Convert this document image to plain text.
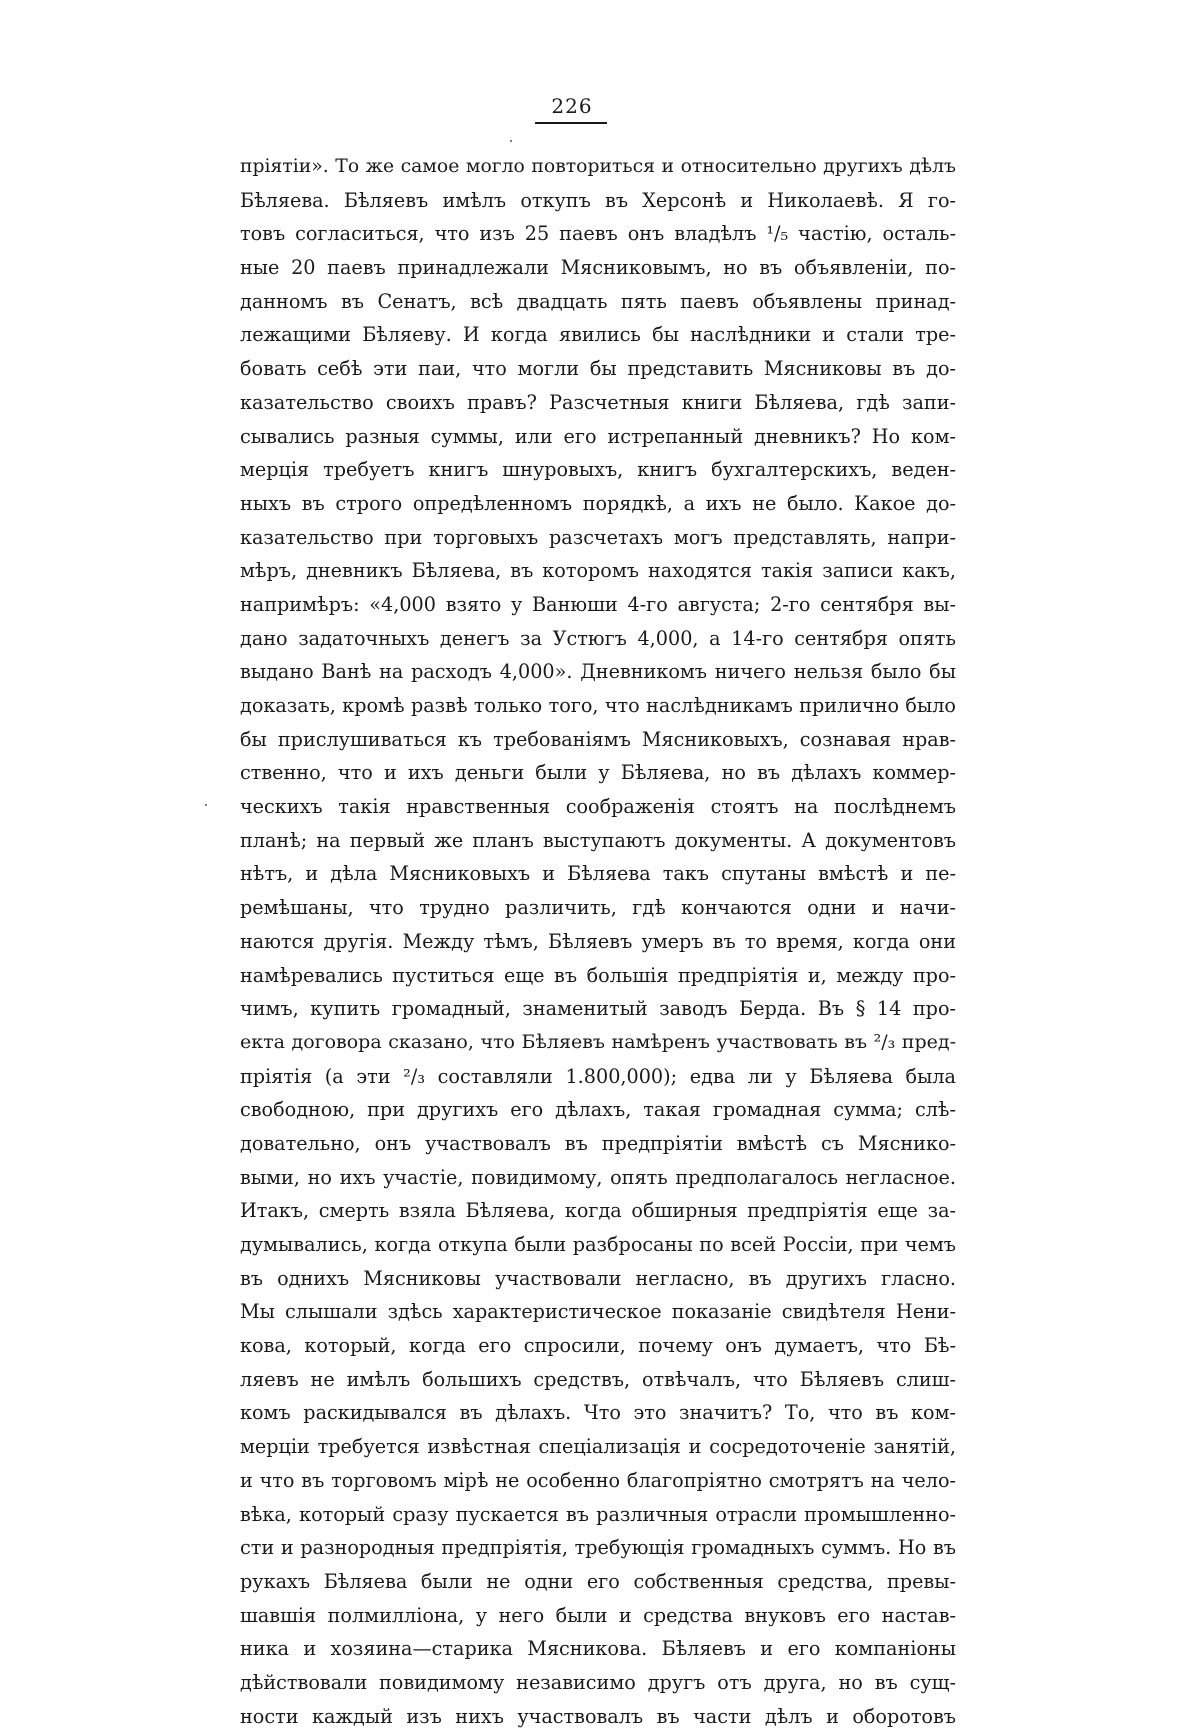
226
пріятіи». То же самое могло повториться и относительно другихъ дѣлъ
Бѣляева. Бѣляевъ имѣлъ откупъ въ Херсонѣ и Николаевѣ. Я го-
товъ согласиться, что изъ 25 паевъ онъ владѣлъ ¹/₅ частію, осталь-
ные 20 паевъ принадлежали Мясниковымъ, но въ объявленіи, по-
данномъ въ Сенатъ, всѣ двадцать пять паевъ объявлены принад-
лежащими Бѣляеву. И когда явились бы наслѣдники и стали тре-
бовать себѣ эти паи, что могли бы представить Мясниковы въ до-
казательство своихъ правъ? Разсчетныя книги Бѣляева, гдѣ запи-
сывались разныя суммы, или его истрепанный дневникъ? Но ком-
мерція требуетъ книгъ шнуровыхъ, книгъ бухгалтерскихъ, веден-
ныхъ въ строго опредѣленномъ порядкѣ, а ихъ не было. Какое до-
казательство при торговыхъ разсчетахъ могъ представлять, напри-
мѣръ, дневникъ Бѣляева, въ которомъ находятся такія записи какъ,
напримѣръ: «4,000 взято у Ванюши 4-го августа; 2-го сентября вы-
дано задаточныхъ денегъ за Устюгъ 4,000, а 14-го сентября опять
выдано Ванѣ на расходъ 4,000». Дневникомъ ничего нельзя было бы
доказать, кромѣ развѣ только того, что наслѣдникамъ прилично было
бы прислушиваться къ требованіямъ Мясниковыхъ, сознавая нрав-
ственно, что и ихъ деньги были у Бѣляева, но въ дѣлахъ коммер-
ческихъ такія нравственныя соображенія стоятъ на послѣднемъ
планѣ; на первый же планъ выступаютъ документы. А документовъ
нѣтъ, и дѣла Мясниковыхъ и Бѣляева такъ спутаны вмѣстѣ и пе-
ремѣшаны, что трудно различить, гдѣ кончаются одни и начи-
наются другія. Между тѣмъ, Бѣляевъ умеръ въ то время, когда они
намѣревались пуститься еще въ большія предпріятія и, между про-
чимъ, купить громадный, знаменитый заводъ Берда. Въ § 14 про-
екта договора сказано, что Бѣляевъ намѣренъ участвовать въ ²/₃ пред-
пріятія (а эти ²/₃ составляли 1.800,000); едва ли у Бѣляева была
свободною, при другихъ его дѣлахъ, такая громадная сумма; слѣ-
довательно, онъ участвовалъ въ предпріятіи вмѣстѣ съ Мяснико-
выми, но ихъ участіе, повидимому, опять предполагалось негласное.
Итакъ, смерть взяла Бѣляева, когда обширныя предпріятія еще за-
думывались, когда откупа были разбросаны по всей Россіи, при чемъ
въ однихъ Мясниковы участвовали негласно, въ другихъ гласно.
Мы слышали здѣсь характеристическое показаніе свидѣтеля Нени-
кова, который, когда его спросили, почему онъ думаетъ, что Бѣ-
ляевъ не имѣлъ большихъ средствъ, отвѣчалъ, что Бѣляевъ слиш-
комъ раскидывался въ дѣлахъ. Что это значитъ? То, что въ ком-
мерціи требуется извѣстная спеціализація и сосредоточеніе занятій,
и что въ торговомъ мірѣ не особенно благопріятно смотрятъ на чело-
вѣка, который сразу пускается въ различныя отрасли промышленно-
сти и разнородныя предпріятія, требующія громадныхъ суммъ. Но въ
рукахъ Бѣляева были не одни его собственныя средства, превы-
шавшія полмилліона, у него были и средства внуковъ его настав-
ника и хозяина—старика Мясникова. Бѣляевъ и его компаніоны
дѣйствовали повидимому независимо другъ отъ друга, но въ сущ-
ности каждый изъ нихъ участвовалъ въ части дѣлъ и оборотовъ
